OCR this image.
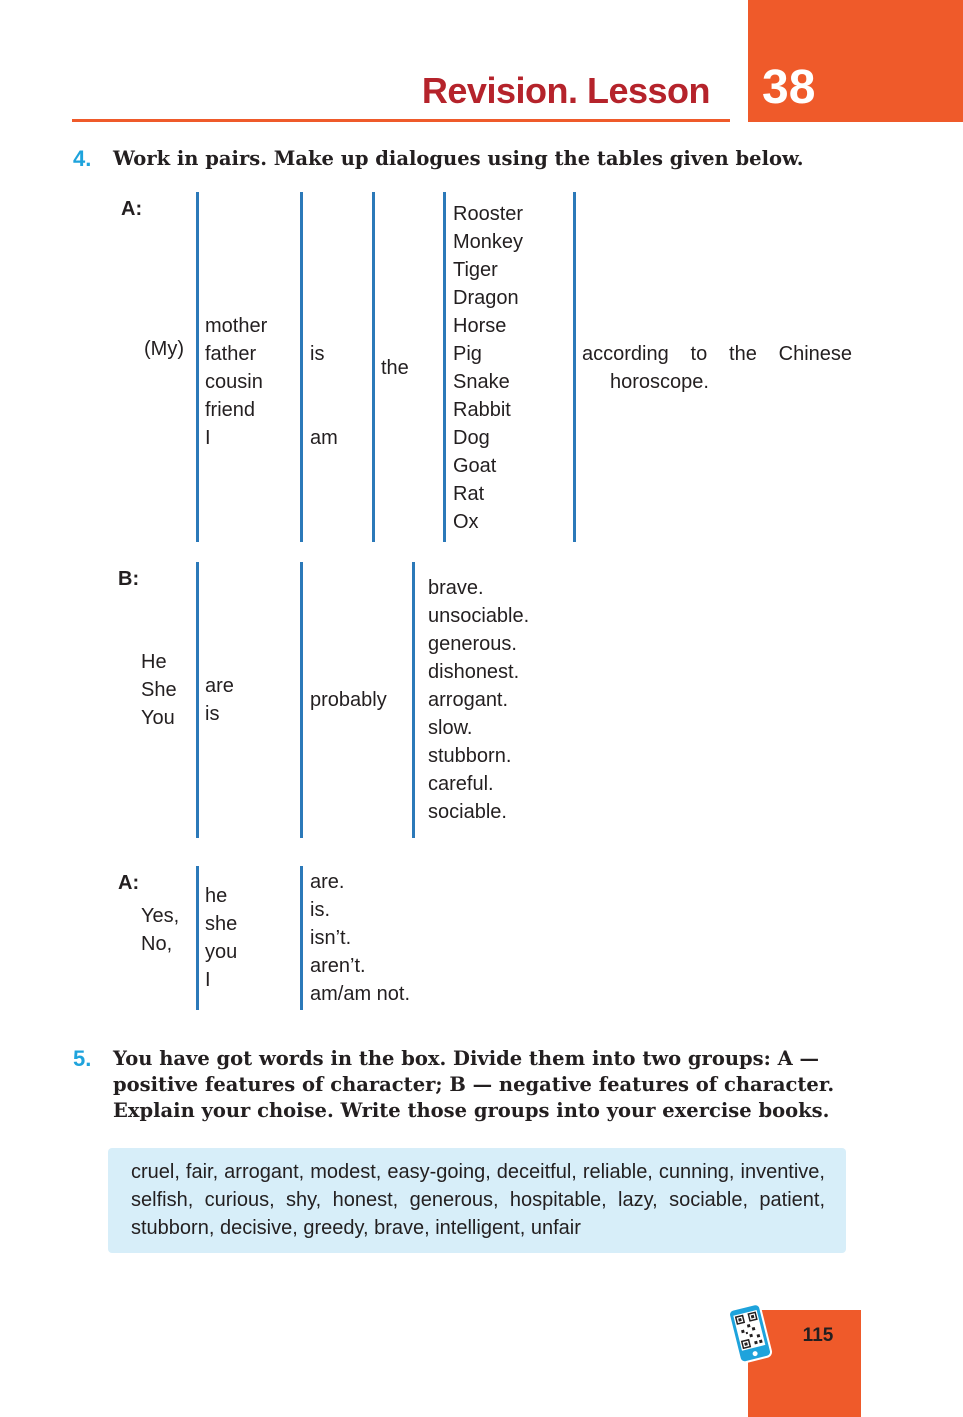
38
Revision. Lesson
4. Work in pairs. Make up dialogues using the tables given below.
A:
(My)
mother
father
cousin
friend
I
is
am
the
Rooster
Monkey
Tiger
Dragon
Horse
Pig
Snake
Rabbit
Dog
Goat
Rat
Ox
according to the Chinese
horoscope.
B:
He
She
You
are
is
probably
brave.
unsociable.
generous.
dishonest.
arrogant.
slow.
stubborn.
careful.
sociable.
A:
Yes,
No,
he
she
you
I
are.
is.
isn’t.
aren’t.
am/am not.
5. You have got words in the box. Divide them into two groups: A —
positive features of character; B — negative features of character.
Explain your choise. Write those groups into your exercise books.
cruel, fair, arrogant, modest, easy-going, deceitful, reliable, cunning, inventive, selfish, curious, shy, honest, generous, hospitable, lazy, sociable, patient, stubborn, decisive, greedy, brave, intelligent, unfair
115
